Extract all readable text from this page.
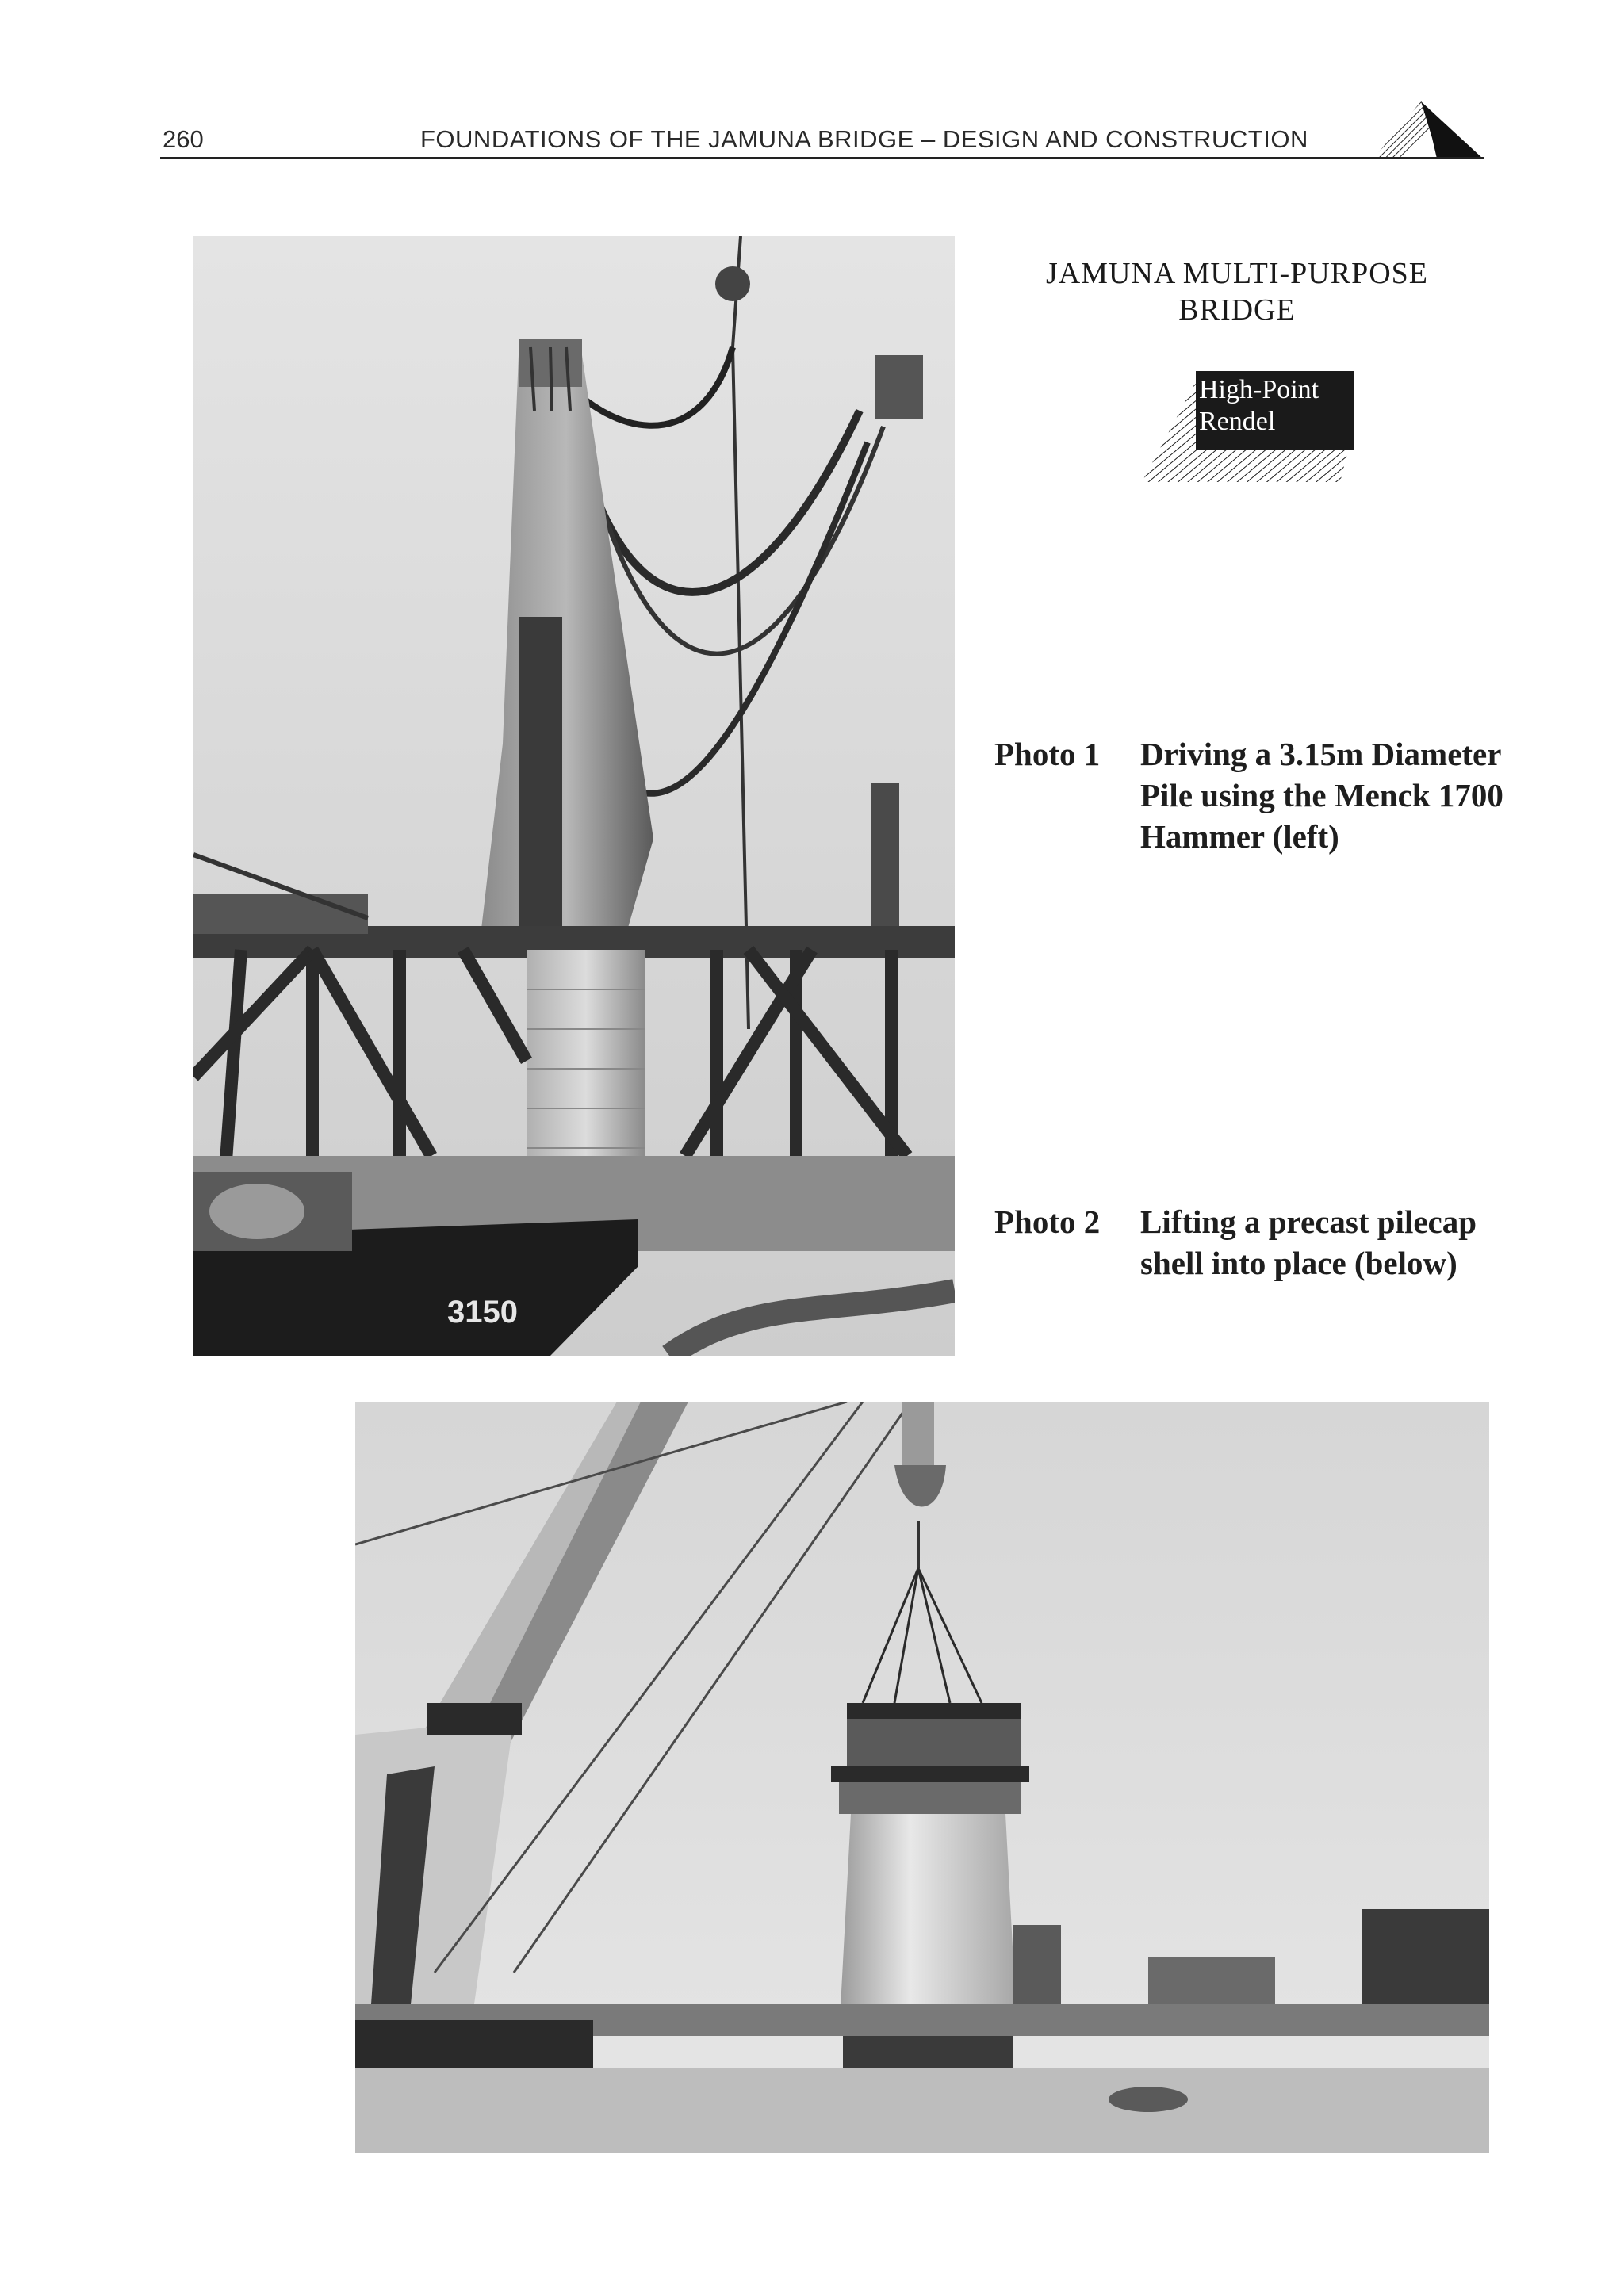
260	FOUNDATIONS OF THE JAMUNA BRIDGE – DESIGN AND CONSTRUCTION
3150
JAMUNA MULTI-PURPOSE BRIDGE
High-Point
Rendel
Photo 1 Driving a 3.15m Diameter Pile using the Menck 1700 Hammer (left)
Photo 2 Lifting a precast pilecap shell into place (below)
